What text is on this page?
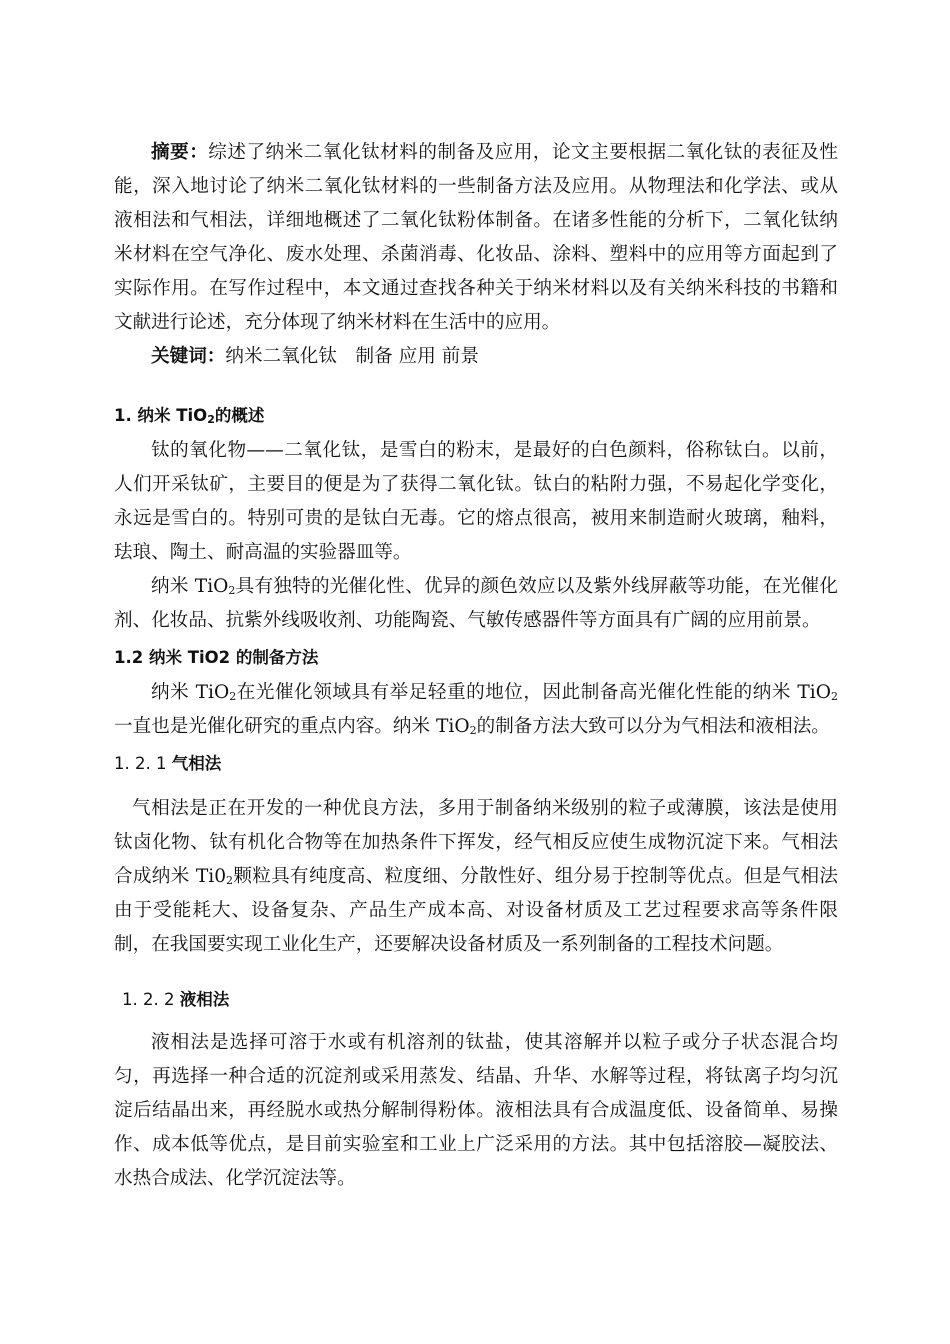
摘要：综述了纳米二氧化钛材料的制备及应用，论文主要根据二氧化钛的表征及性能，深入地讨论了纳米二氧化钛材料的一些制备方法及应用。从物理法和化学法、或从液相法和气相法，详细地概述了二氧化钛粉体制备。在诸多性能的分析下，二氧化钛纳米材料在空气净化、废水处理、杀菌消毒、化妆品、涂料、塑料中的应用等方面起到了实际作用。在写作过程中，本文通过查找各种关于纳米材料以及有关纳米科技的书籍和文献进行论述，充分体现了纳米材料在生活中的应用。

关键词：纳米二氧化钛　制备 应用 前景

1. 纳米 TiO$_2$的概述

钛的氧化物——二氧化钛，是雪白的粉末，是最好的白色颜料，俗称钛白。以前，人们开采钛矿，主要目的便是为了获得二氧化钛。钛白的粘附力强，不易起化学变化，永远是雪白的。特别可贵的是钛白无毒。它的熔点很高，被用来制造耐火玻璃，釉料，珐琅、陶土、耐高温的实验器皿等。

纳米 TiO$_2$具有独特的光催化性、优异的颜色效应以及紫外线屏蔽等功能，在光催化剂、化妆品、抗紫外线吸收剂、功能陶瓷、气敏传感器件等方面具有广阔的应用前景。

1.2 纳米 TiO2 的制备方法

纳米 TiO$_2$在光催化领域具有举足轻重的地位，因此制备高光催化性能的纳米 TiO$_2$一直也是光催化研究的重点内容。纳米 TiO$_2$的制备方法大致可以分为气相法和液相法。

1. 2. 1 气相法

气相法是正在开发的一种优良方法，多用于制备纳米级别的粒子或薄膜，该法是使用钛卤化物、钛有机化合物等在加热条件下挥发，经气相反应使生成物沉淀下来。气相法合成纳米 $Ti0_2$颗粒具有纯度高、粒度细、分散性好、组分易于控制等优点。但是气相法由于受能耗大、设备复杂、产品生产成本高、对设备材质及工艺过程要求高等条件限制，在我国要实现工业化生产，还要解决设备材质及一系列制备的工程技术问题。

1. 2. 2 液相法

液相法是选择可溶于水或有机溶剂的钛盐，使其溶解并以粒子或分子状态混合均匀，再选择一种合适的沉淀剂或采用蒸发、结晶、升华、水解等过程，将钛离子均匀沉淀后结晶出来，再经脱水或热分解制得粉体。液相法具有合成温度低、设备简单、易操作、成本低等优点，是目前实验室和工业上广泛采用的方法。其中包括溶胶—凝胶法、水热合成法、化学沉淀法等。
